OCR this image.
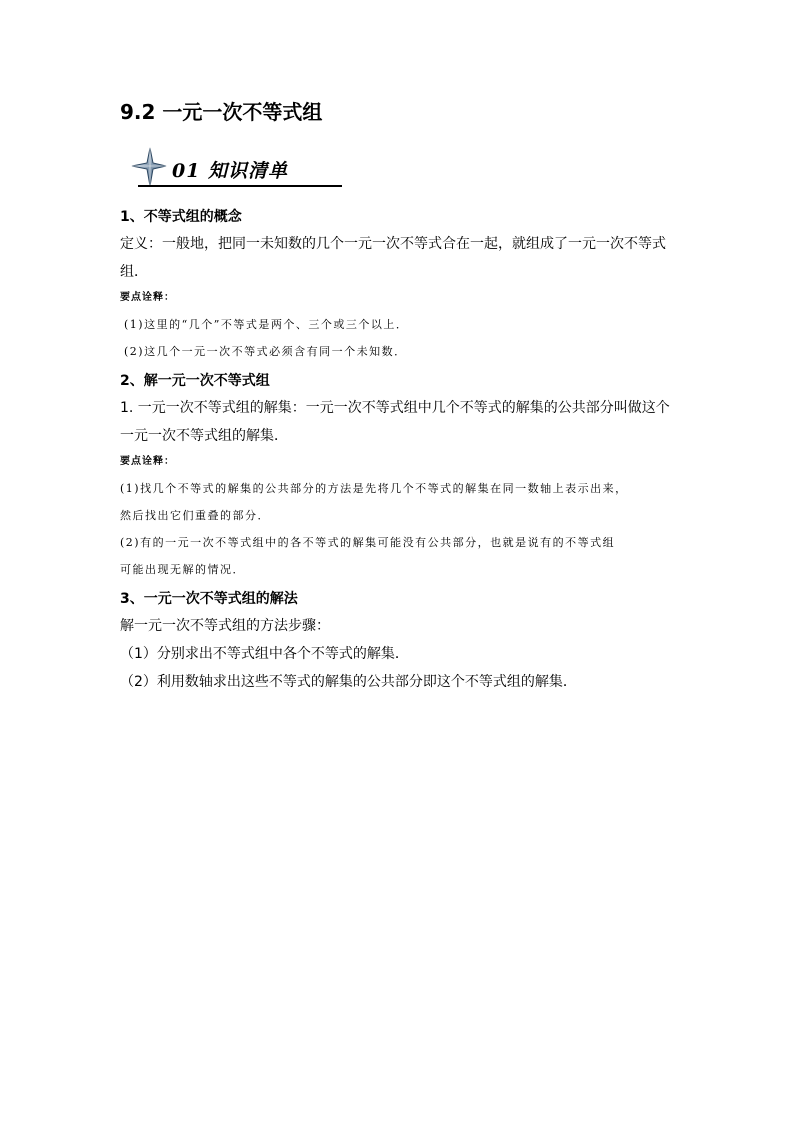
9.2 一元一次不等式组
01 知识清单
1、不等式组的概念
定义：一般地，把同一未知数的几个一元一次不等式合在一起，就组成了一元一次不等式
组．
要点诠释：
(1)这里的“几个”不等式是两个、三个或三个以上．
(2)这几个一元一次不等式必须含有同一个未知数．
2、解一元一次不等式组
1. 一元一次不等式组的解集：一元一次不等式组中几个不等式的解集的公共部分叫做这个
一元一次不等式组的解集．
要点诠释：
(1)找几个不等式的解集的公共部分的方法是先将几个不等式的解集在同一数轴上表示出来，
然后找出它们重叠的部分．
(2)有的一元一次不等式组中的各不等式的解集可能没有公共部分，也就是说有的不等式组
可能出现无解的情况．
3、一元一次不等式组的解法
解一元一次不等式组的方法步骤：
（1）分别求出不等式组中各个不等式的解集．
（2）利用数轴求出这些不等式的解集的公共部分即这个不等式组的解集．
